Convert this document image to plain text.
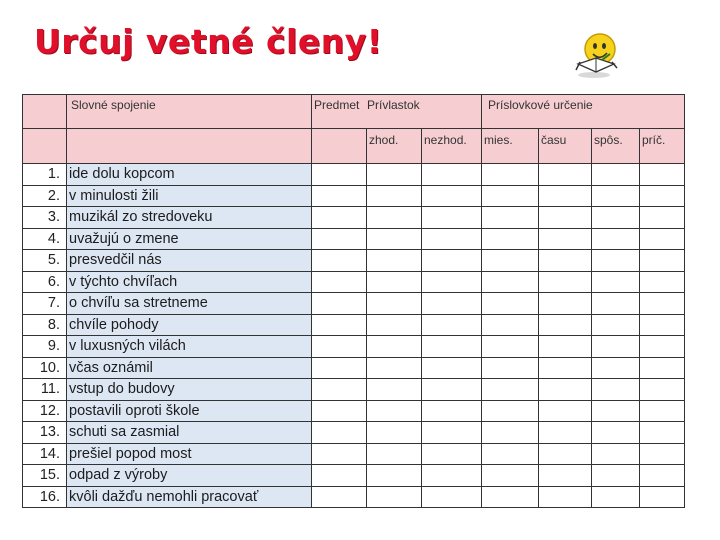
Určuj vetné členy!
	Slovné spojenie	Predmet	Prívlastok		Príslovkové určenie			
			zhod.	nezhod.	mies.	času	spôs.	príč.
1.	ide dolu kopcom							
2.	v minulosti žili							
3.	muzikál zo stredoveku							
4.	uvažujú o zmene							
5.	presvedčil nás							
6.	v týchto chvíľach							
7.	o chvíľu sa stretneme							
8.	chvíle pohody							
9.	v luxusných vilách							
10.	včas oznámil							
11.	vstup do budovy							
12.	postavili oproti škole							
13.	schuti sa zasmial							
14.	prešiel popod most							
15.	odpad z výroby							
16.	kvôli dažďu nemohli pracovať							
